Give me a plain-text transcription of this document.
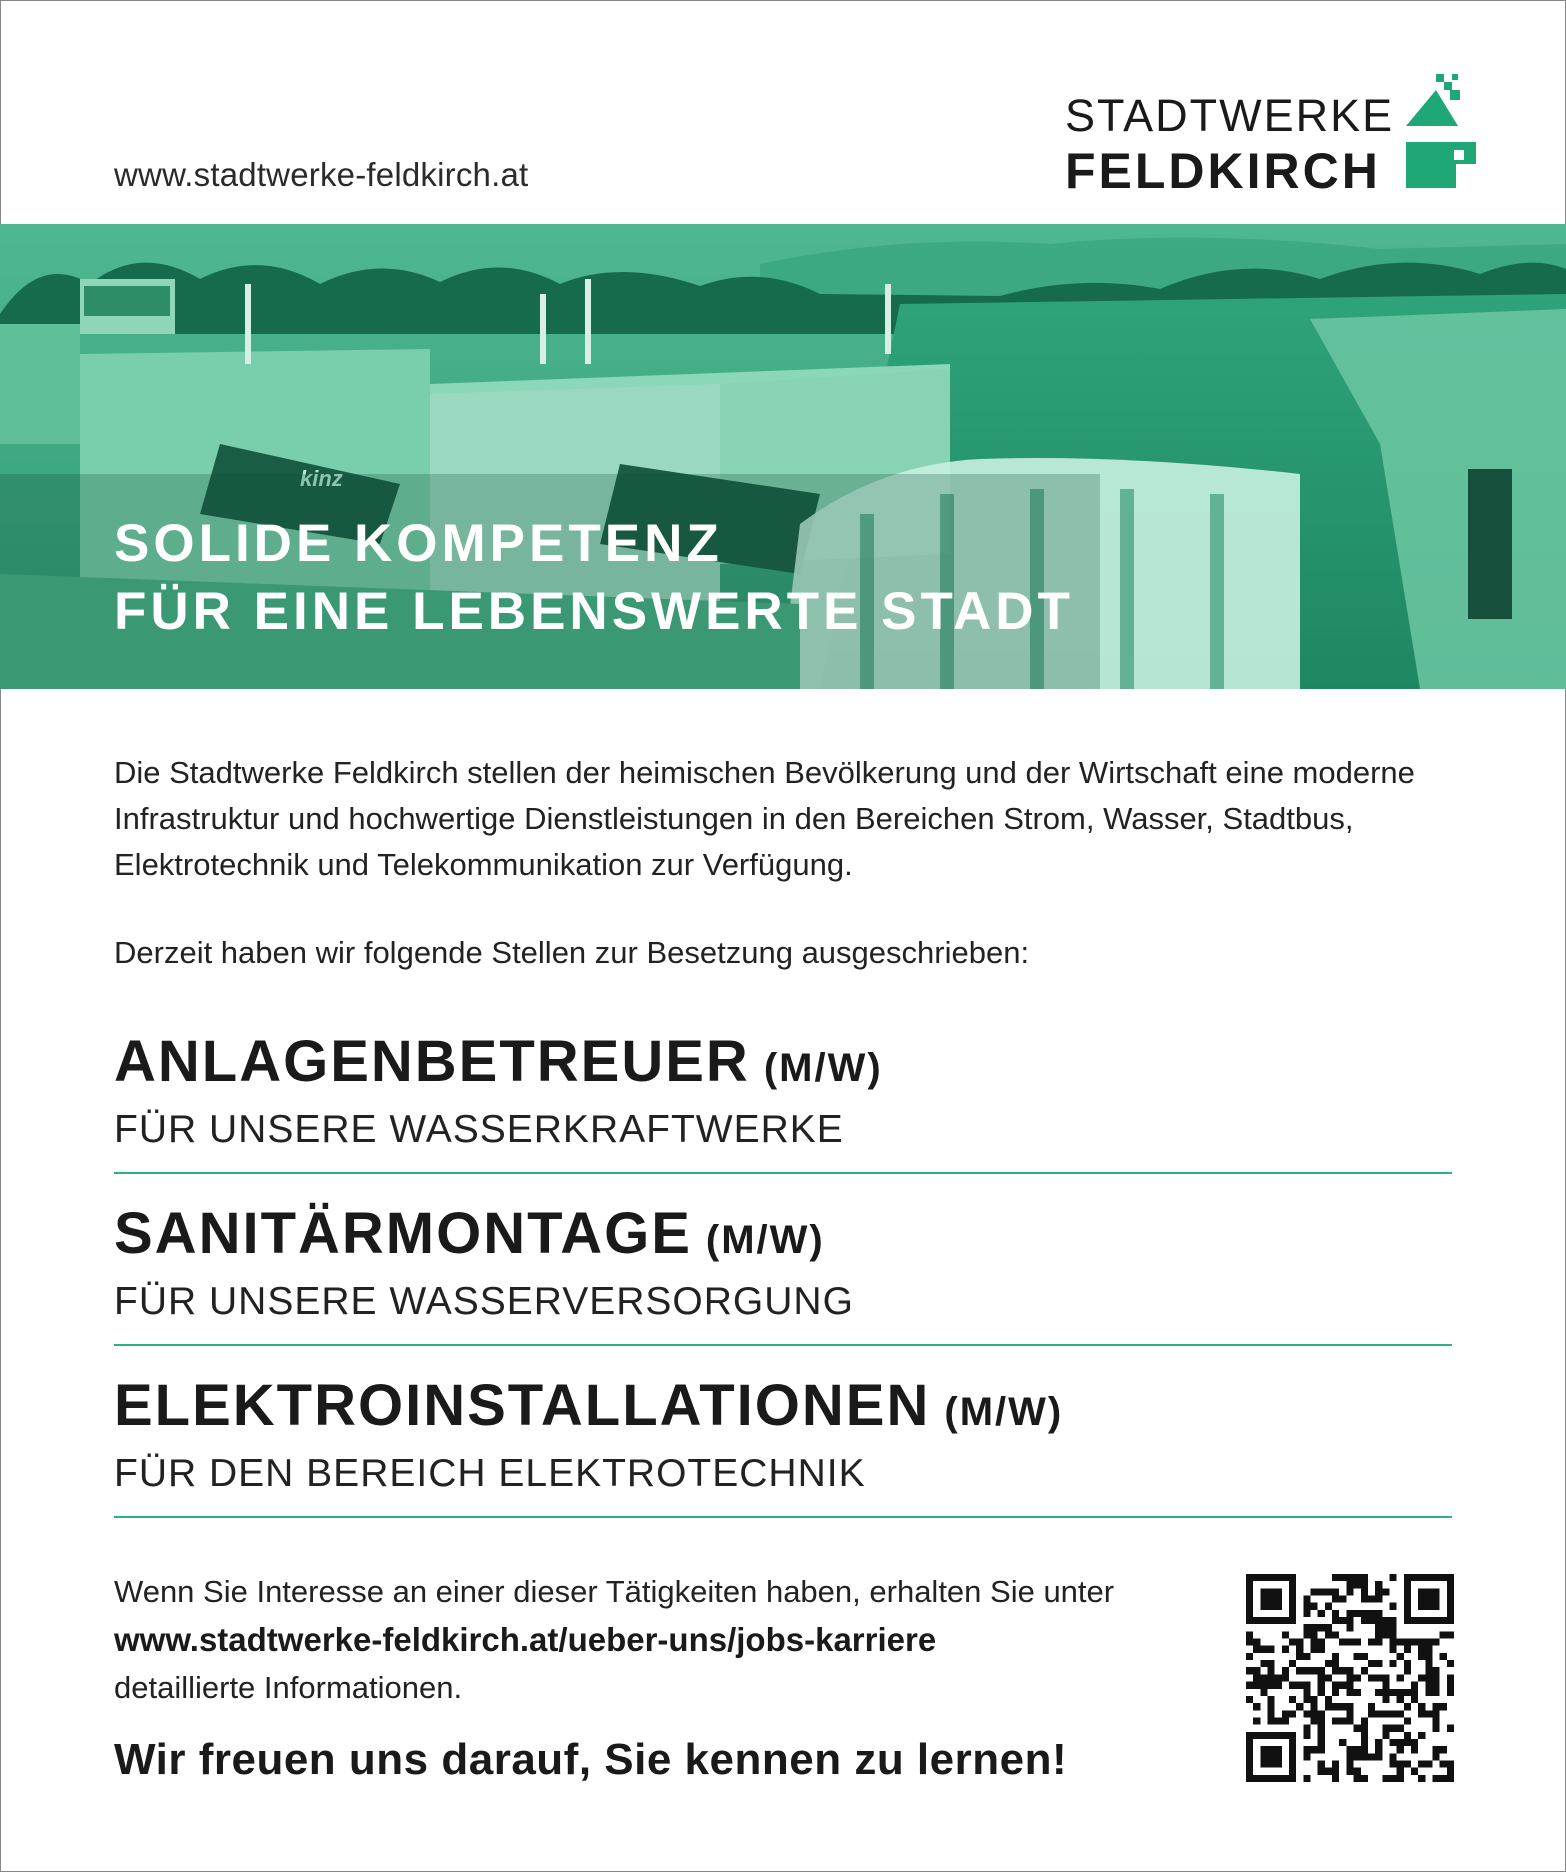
www.stadtwerke-feldkirch.at
STADTWERKE
FELDKIRCH
kinz
SOLIDE KOMPETENZ
FÜR EINE LEBENSWERTE STADT
Die Stadtwerke Feldkirch stellen der heimischen Bevölkerung und der Wirtschaft eine moderne Infrastruktur und hochwertige Dienstleistungen in den Bereichen Strom, Wasser, Stadtbus, Elektrotechnik und Telekommunikation zur Verfügung.
Derzeit haben wir folgende Stellen zur Besetzung ausgeschrieben:
ANLAGENBETREUER (M/W)
FÜR UNSERE WASSERKRAFTWERKE
SANITÄRMONTAGE (M/W)
FÜR UNSERE WASSERVERSORGUNG
ELEKTROINSTALLATIONEN (M/W)
FÜR DEN BEREICH ELEKTROTECHNIK
Wenn Sie Interesse an einer dieser Tätigkeiten haben, erhalten Sie unter
www.stadtwerke-feldkirch.at/ueber-uns/jobs-karriere
detaillierte Informationen.
Wir freuen uns darauf, Sie kennen zu lernen!
